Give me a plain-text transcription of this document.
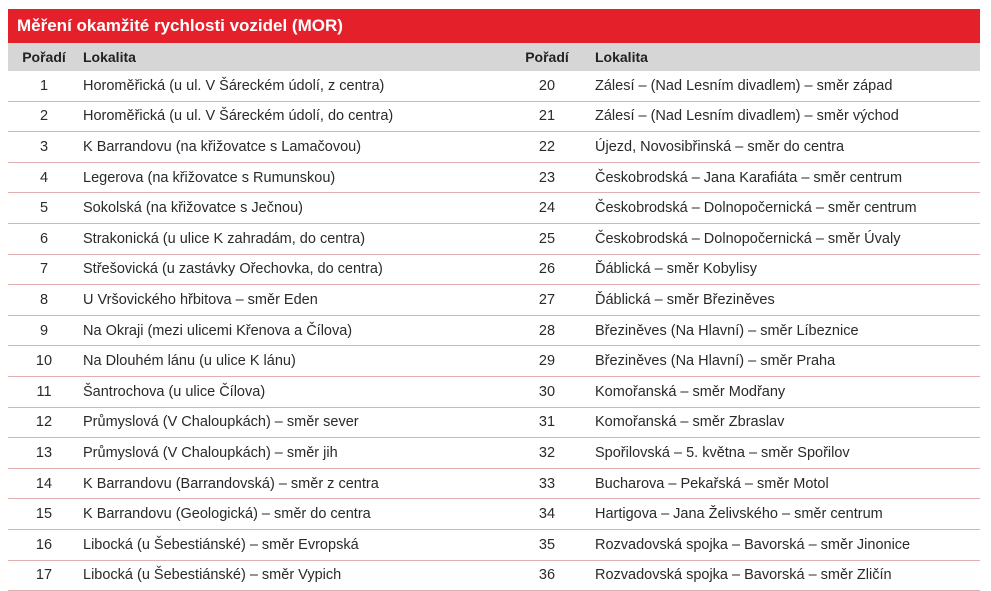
Měření okamžité rychlosti vozidel (MOR)
Pořadí	Lokalita	Pořadí	Lokalita
1	Horoměřická (u ul. V Šáreckém údolí, z centra)	20	Zálesí – (Nad Lesním divadlem) – směr západ
2	Horoměřická (u ul. V Šáreckém údolí, do centra)	21	Zálesí – (Nad Lesním divadlem) – směr východ
3	K Barrandovu (na křižovatce s Lamačovou)	22	Újezd, Novosibřinská – směr do centra
4	Legerova (na křižovatce s Rumunskou)	23	Českobrodská – Jana Karafiáta – směr centrum
5	Sokolská (na křižovatce s Ječnou)	24	Českobrodská – Dolnopočernická – směr centrum
6	Strakonická (u ulice K zahradám, do centra)	25	Českobrodská – Dolnopočernická – směr Úvaly
7	Střešovická (u zastávky Ořechovka, do centra)	26	Ďáblická – směr Kobylisy
8	U Vršovického hřbitova – směr Eden	27	Ďáblická – směr Březiněves
9	Na Okraji (mezi ulicemi Křenova a Čílova)	28	Březiněves (Na Hlavní) – směr Líbeznice
10	Na Dlouhém lánu (u ulice K lánu)	29	Březiněves (Na Hlavní) – směr Praha
11	Šantrochova (u ulice Čílova)	30	Komořanská – směr Modřany
12	Průmyslová (V Chaloupkách) – směr sever	31	Komořanská – směr Zbraslav
13	Průmyslová (V Chaloupkách) – směr jih	32	Spořilovská – 5. května – směr Spořilov
14	K Barrandovu (Barrandovská) – směr z centra	33	Bucharova – Pekařská – směr Motol
15	K Barrandovu (Geologická) – směr do centra	34	Hartigova – Jana Želivského – směr centrum
16	Libocká (u Šebestiánské) – směr Evropská	35	Rozvadovská spojka – Bavorská – směr Jinonice
17	Libocká (u Šebestiánské) – směr Vypich	36	Rozvadovská spojka – Bavorská – směr Zličín
